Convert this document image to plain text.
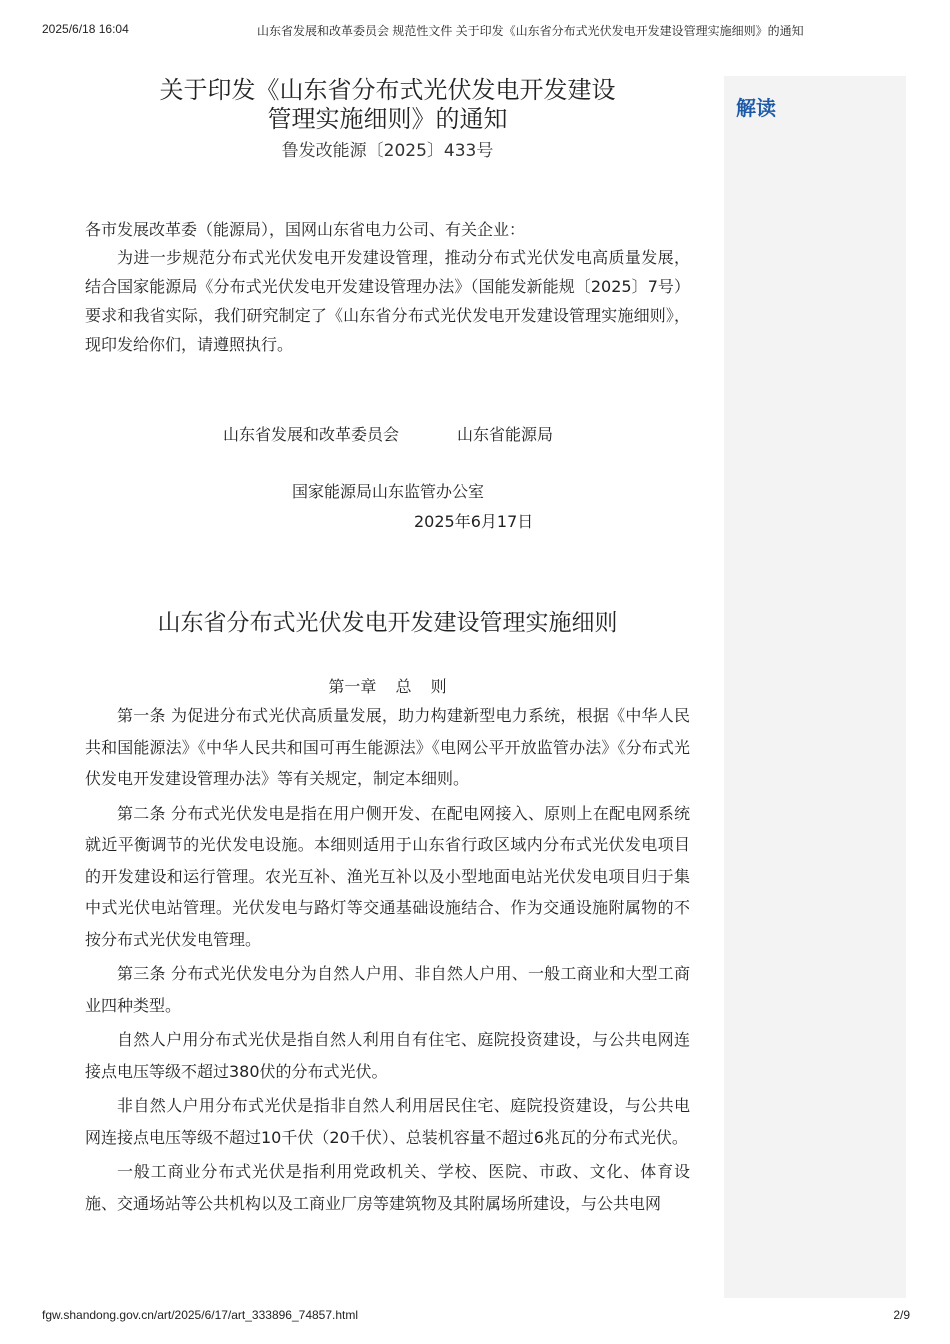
2025/6/18 16:04	山东省发展和改革委员会 规范性文件 关于印发《山东省分布式光伏发电开发建设管理实施细则》的通知
关于印发《山东省分布式光伏发电开发建设
管理实施细则》的通知
鲁发改能源〔2025〕433号
各市发展改革委（能源局），国网山东省电力公司、有关企业：

为进一步规范分布式光伏发电开发建设管理，推动分布式光伏发电高质量发展，结合国家能源局《分布式光伏发电开发建设管理办法》（国能发新能规〔2025〕7号）要求和我省实际，我们研究制定了《山东省分布式光伏发电开发建设管理实施细则》，现印发给你们，请遵照执行。

山东省发展和改革委员会	山东省能源局
国家能源局山东监管办公室
2025年6月17日
山东省分布式光伏发电开发建设管理实施细则
第一章 总 则

第一条 为促进分布式光伏高质量发展，助力构建新型电力系统，根据《中华人民共和国能源法》《中华人民共和国可再生能源法》《电网公平开放监管办法》《分布式光伏发电开发建设管理办法》等有关规定，制定本细则。

第二条 分布式光伏发电是指在用户侧开发、在配电网接入、原则上在配电网系统就近平衡调节的光伏发电设施。本细则适用于山东省行政区域内分布式光伏发电项目的开发建设和运行管理。农光互补、渔光互补以及小型地面电站光伏发电项目归于集中式光伏电站管理。光伏发电与路灯等交通基础设施结合、作为交通设施附属物的不按分布式光伏发电管理。

第三条 分布式光伏发电分为自然人户用、非自然人户用、一般工商业和大型工商业四种类型。

自然人户用分布式光伏是指自然人利用自有住宅、庭院投资建设，与公共电网连接点电压等级不超过380伏的分布式光伏。

非自然人户用分布式光伏是指非自然人利用居民住宅、庭院投资建设，与公共电网连接点电压等级不超过10千伏（20千伏）、总装机容量不超过6兆瓦的分布式光伏。

一般工商业分布式光伏是指利用党政机关、学校、医院、市政、文化、体育设施、交通场站等公共机构以及工商业厂房等建筑物及其附属场所建设，与公共电网

解读
fgw.shandong.gov.cn/art/2025/6/17/art_333896_74857.html	2/9
